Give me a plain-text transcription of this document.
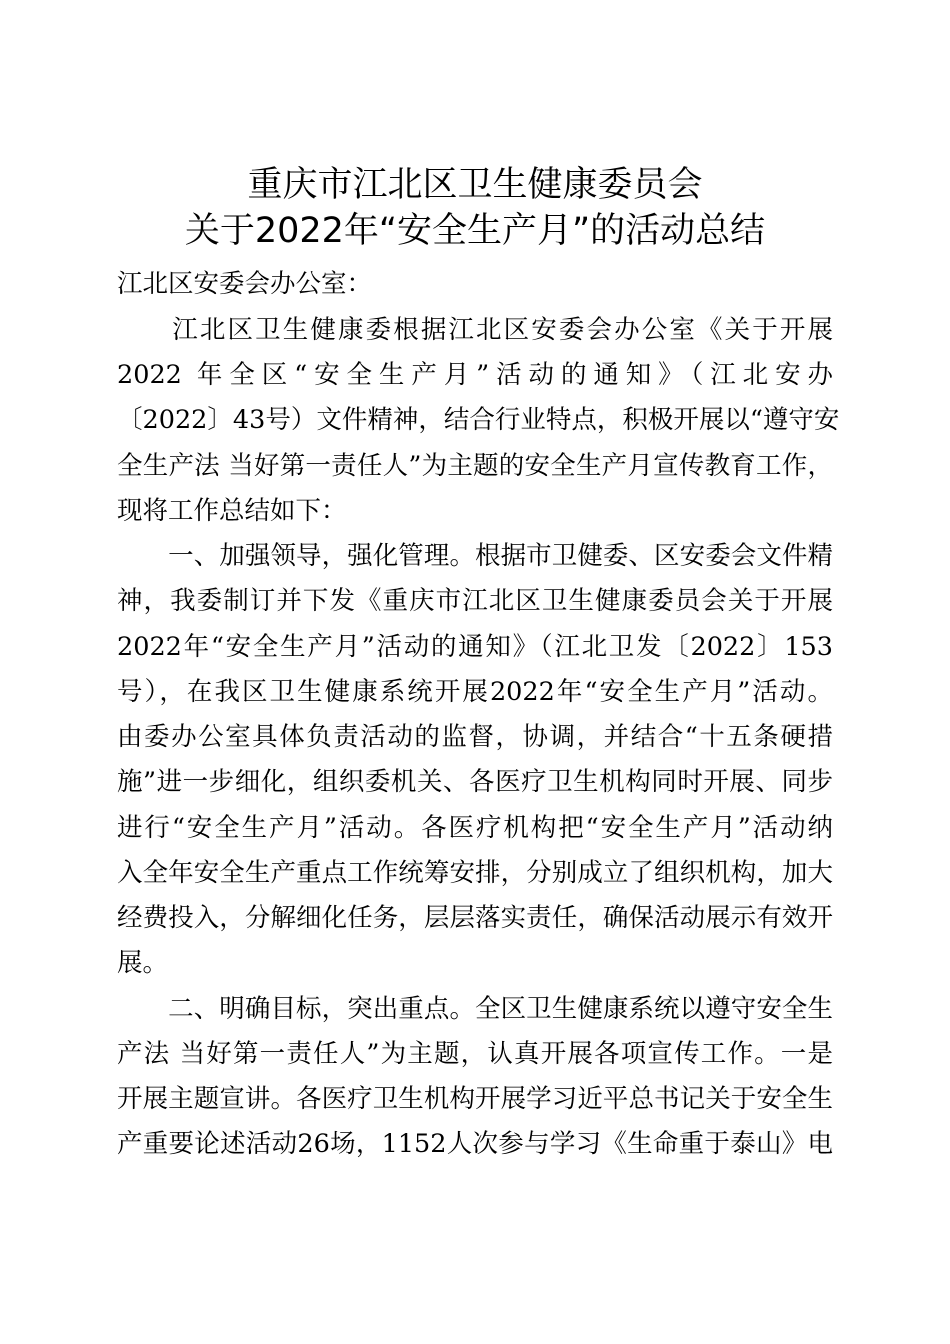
重庆市江北区卫生健康委员会
关于2022年“安全生产月”的活动总结
江北区安委会办公室：
　　江北区卫生健康委根据江北区安委会办公室《关于开展
2022 年全区“安全生产月”活动的通知》（江北安办
〔2022〕43号）文件精神，结合行业特点，积极开展以“遵守安
全生产法 当好第一责任人”为主题的安全生产月宣传教育工作，
现将工作总结如下：
　　一、加强领导，强化管理。根据市卫健委、区安委会文件精
神，我委制订并下发《重庆市江北区卫生健康委员会关于开展
2022年“安全生产月”活动的通知》（江北卫发〔2022〕153
号），在我区卫生健康系统开展2022年“安全生产月”活动。
由委办公室具体负责活动的监督，协调，并结合“十五条硬措
施”进一步细化，组织委机关、各医疗卫生机构同时开展、同步
进行“安全生产月”活动。各医疗机构把“安全生产月”活动纳
入全年安全生产重点工作统筹安排，分别成立了组织机构，加大
经费投入，分解细化任务，层层落实责任，确保活动展示有效开
展。
　　二、明确目标，突出重点。全区卫生健康系统以遵守安全生
产法 当好第一责任人”为主题，认真开展各项宣传工作。一是
开展主题宣讲。各医疗卫生机构开展学习近平总书记关于安全生
产重要论述活动26场，1152人次参与学习《生命重于泰山》电
